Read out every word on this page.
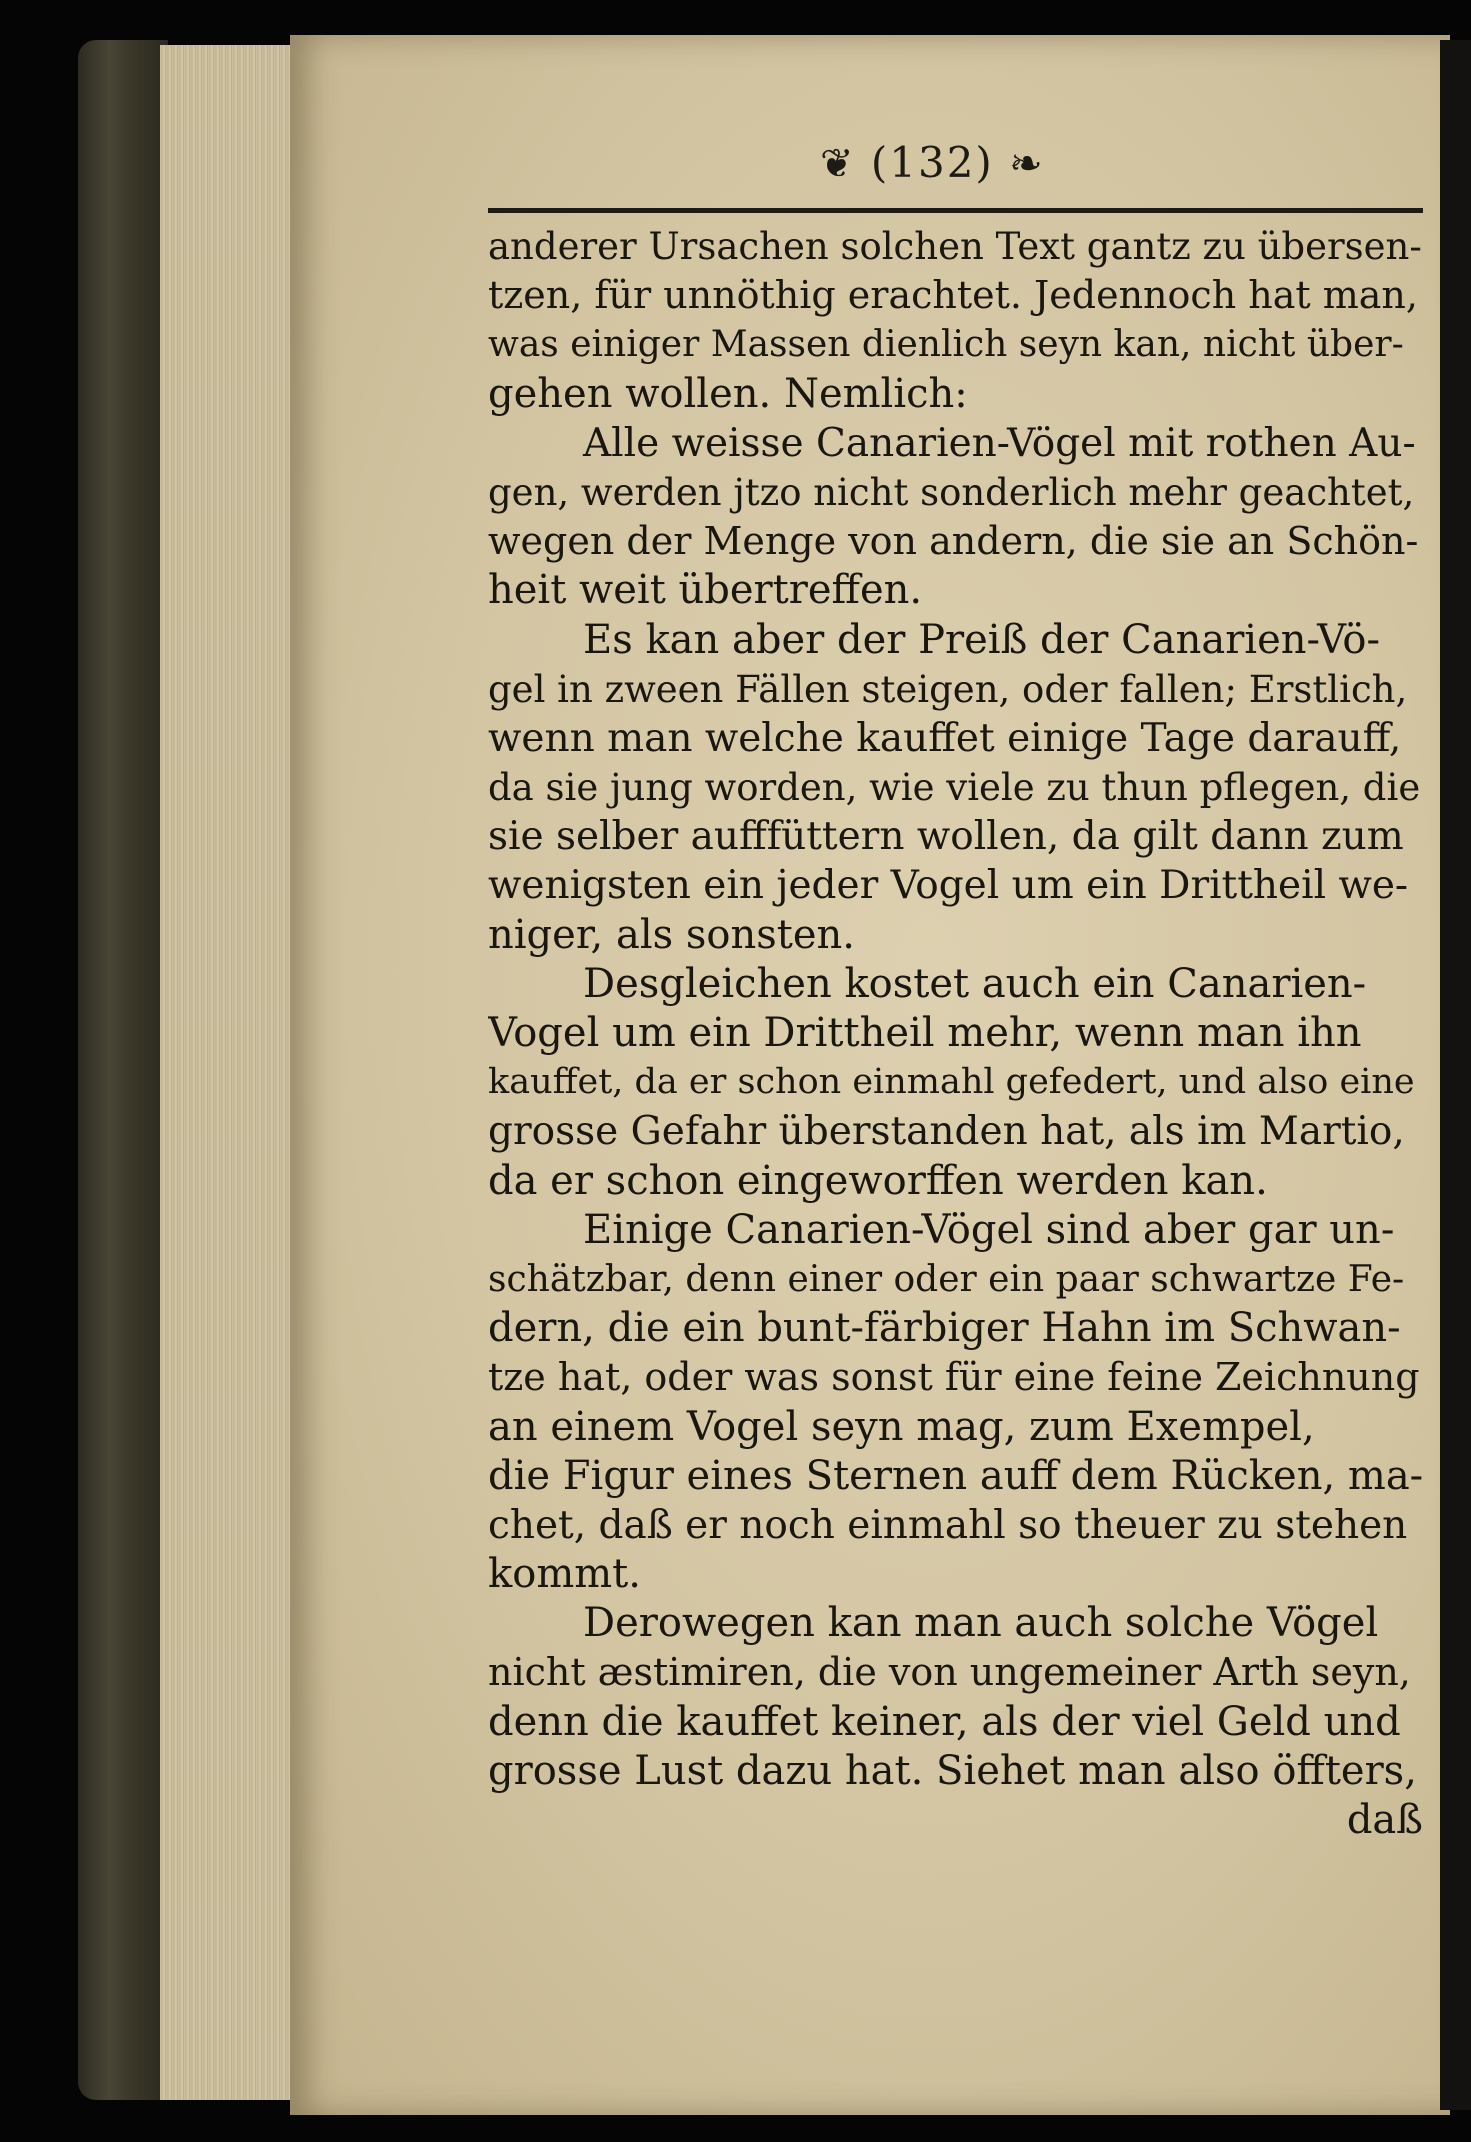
❦ (132) ❧
anderer Ursachen solchen Text gantz zu übersen-
tzen, für unnöthig erachtet. Jedennoch hat man,
was einiger Massen dienlich seyn kan, nicht über-
gehen wollen. Nemlich:
Alle weisse Canarien-Vögel mit rothen Au-
gen, werden jtzo nicht sonderlich mehr geachtet,
wegen der Menge von andern, die sie an Schön-
heit weit übertreffen.
Es kan aber der Preiß der Canarien-Vö-
gel in zween Fällen steigen, oder fallen; Erstlich,
wenn man welche kauffet einige Tage darauff,
da sie jung worden, wie viele zu thun pflegen, die
sie selber aufffüttern wollen, da gilt dann zum
wenigsten ein jeder Vogel um ein Drittheil we-
niger, als sonsten.
Desgleichen kostet auch ein Canarien-
Vogel um ein Drittheil mehr, wenn man ihn
kauffet, da er schon einmahl gefedert, und also eine
grosse Gefahr überstanden hat, als im Martio,
da er schon eingeworffen werden kan.
Einige Canarien-Vögel sind aber gar un-
schätzbar, denn einer oder ein paar schwartze Fe-
dern, die ein bunt-färbiger Hahn im Schwan-
tze hat, oder was sonst für eine feine Zeichnung
an einem Vogel seyn mag, zum Exempel,
die Figur eines Sternen auff dem Rücken, ma-
chet, daß er noch einmahl so theuer zu stehen
kommt.
Derowegen kan man auch solche Vögel
nicht æstimiren, die von ungemeiner Arth seyn,
denn die kauffet keiner, als der viel Geld und
grosse Lust dazu hat. Siehet man also öffters,
daß
